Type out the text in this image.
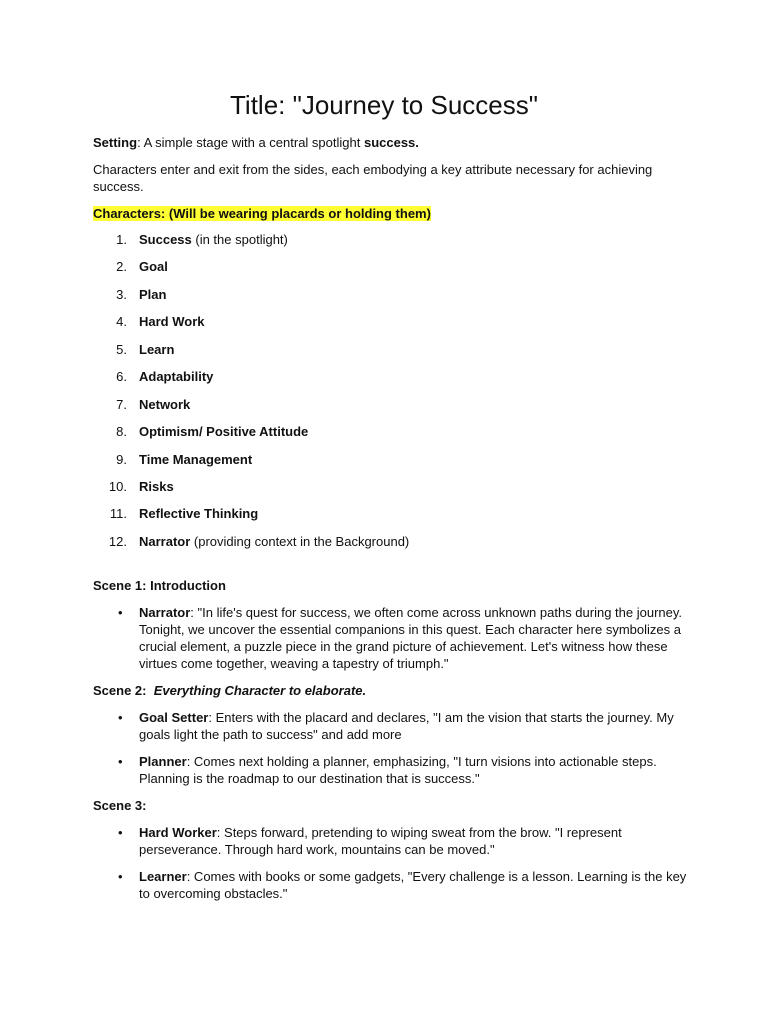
Title: "Journey to Success"

Setting: A simple stage with a central spotlight success.

Characters enter and exit from the sides, each embodying a key attribute necessary for achieving success.

Characters: (Will be wearing placards or holding them)

1. Success (in the spotlight)
2. Goal
3. Plan
4. Hard Work
5. Learn
6. Adaptability
7. Network
8. Optimism/ Positive Attitude
9. Time Management
10. Risks
11. Reflective Thinking
12. Narrator (providing context in the Background)

Scene 1: Introduction

• Narrator: "In life's quest for success, we often come across unknown paths during the journey. Tonight, we uncover the essential companions in this quest. Each character here symbolizes a crucial element, a puzzle piece in the grand picture of achievement. Let's witness how these virtues come together, weaving a tapestry of triumph."

Scene 2: Everything Character to elaborate.

• Goal Setter: Enters with the placard and declares, "I am the vision that starts the journey. My goals light the path to success" and add more
• Planner: Comes next holding a planner, emphasizing, "I turn visions into actionable steps. Planning is the roadmap to our destination that is success."

Scene 3:

• Hard Worker: Steps forward, pretending to wiping sweat from the brow. "I represent perseverance. Through hard work, mountains can be moved."
• Learner: Comes with books or some gadgets, "Every challenge is a lesson. Learning is the key to overcoming obstacles."
